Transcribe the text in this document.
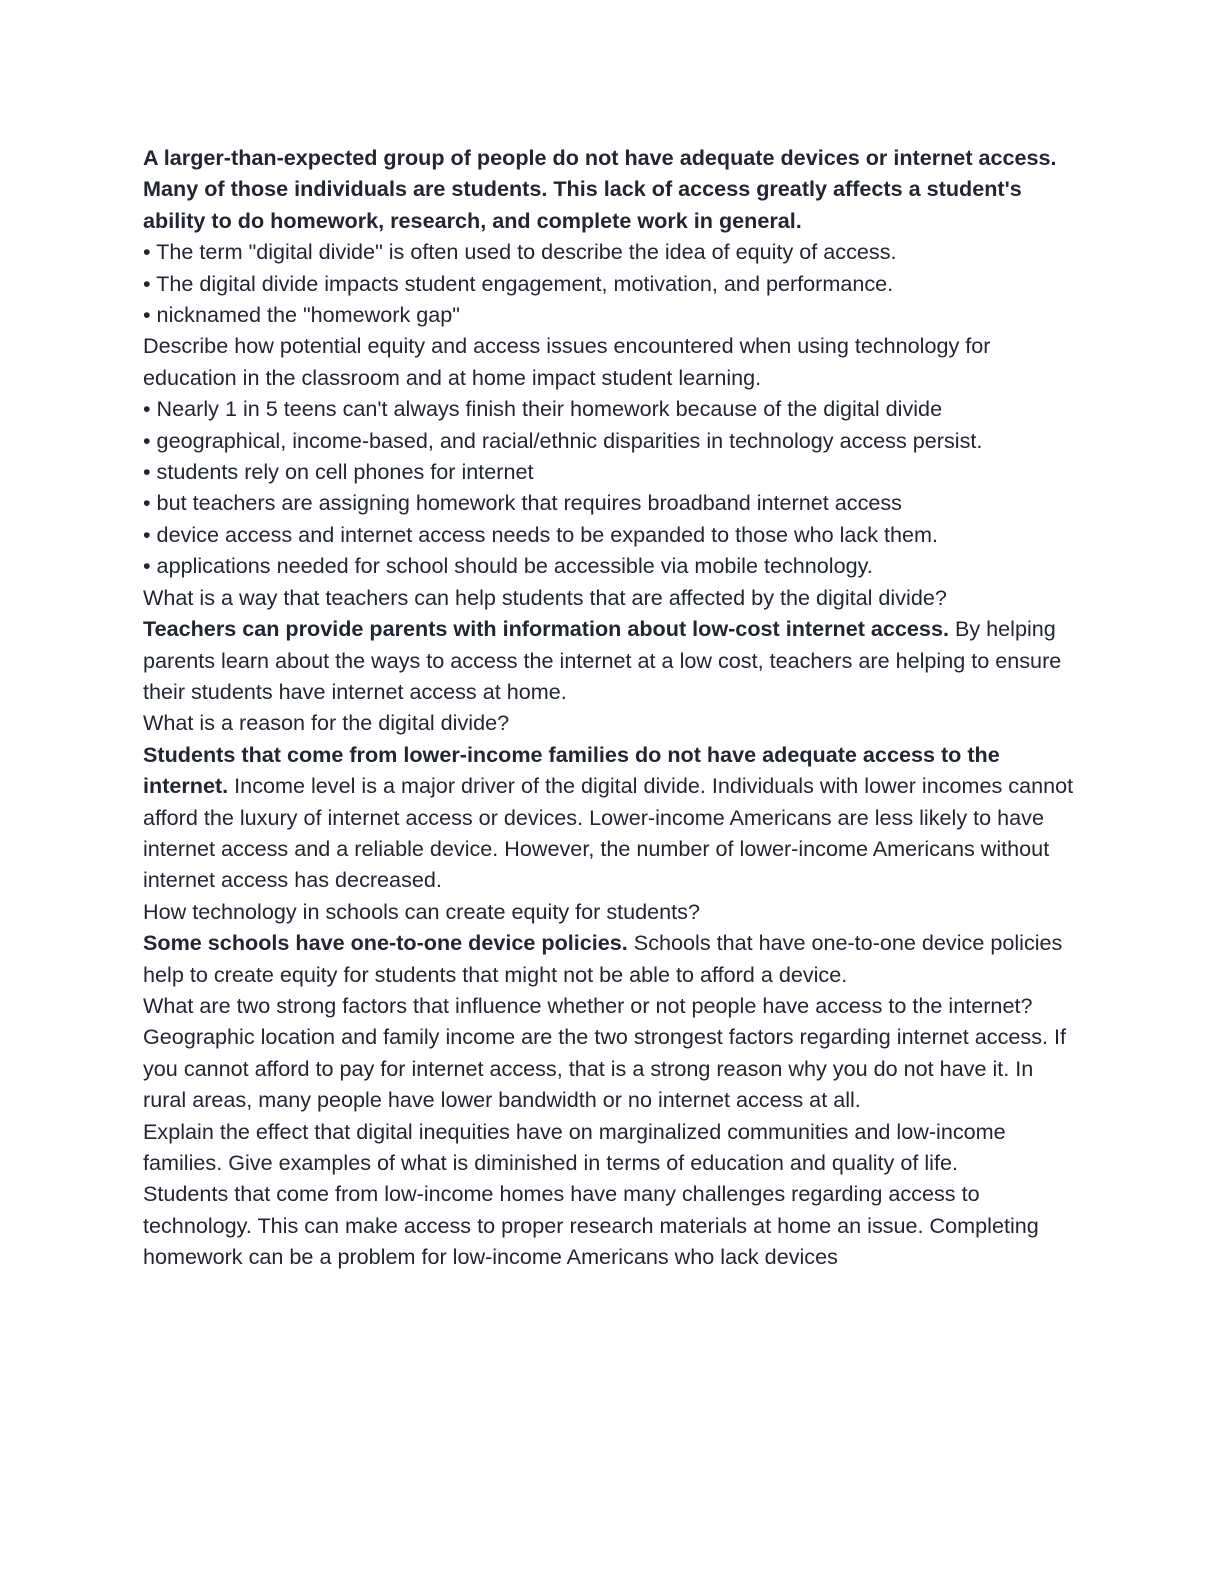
A larger-than-expected group of people do not have adequate devices or internet access. Many of those individuals are students. This lack of access greatly affects a student's ability to do homework, research, and complete work in general.

• The term "digital divide" is often used to describe the idea of equity of access.

• The digital divide impacts student engagement, motivation, and performance.

• nicknamed the "homework gap"

Describe how potential equity and access issues encountered when using technology for education in the classroom and at home impact student learning.

• Nearly 1 in 5 teens can't always finish their homework because of the digital divide

• geographical, income-based, and racial/ethnic disparities in technology access persist.

• students rely on cell phones for internet

• but teachers are assigning homework that requires broadband internet access

• device access and internet access needs to be expanded to those who lack them.

• applications needed for school should be accessible via mobile technology.

What is a way that teachers can help students that are affected by the digital divide?

Teachers can provide parents with information about low-cost internet access. By helping parents learn about the ways to access the internet at a low cost, teachers are helping to ensure their students have internet access at home.

What is a reason for the digital divide?

Students that come from lower-income families do not have adequate access to the internet. Income level is a major driver of the digital divide. Individuals with lower incomes cannot afford the luxury of internet access or devices. Lower-income Americans are less likely to have internet access and a reliable device. However, the number of lower-income Americans without internet access has decreased.

How technology in schools can create equity for students?

Some schools have one-to-one device policies. Schools that have one-to-one device policies help to create equity for students that might not be able to afford a device.

What are two strong factors that influence whether or not people have access to the internet?

Geographic location and family income are the two strongest factors regarding internet access. If you cannot afford to pay for internet access, that is a strong reason why you do not have it. In rural areas, many people have lower bandwidth or no internet access at all.

Explain the effect that digital inequities have on marginalized communities and low-income families. Give examples of what is diminished in terms of education and quality of life.

Students that come from low-income homes have many challenges regarding access to technology. This can make access to proper research materials at home an issue. Completing homework can be a problem for low-income Americans who lack devices
